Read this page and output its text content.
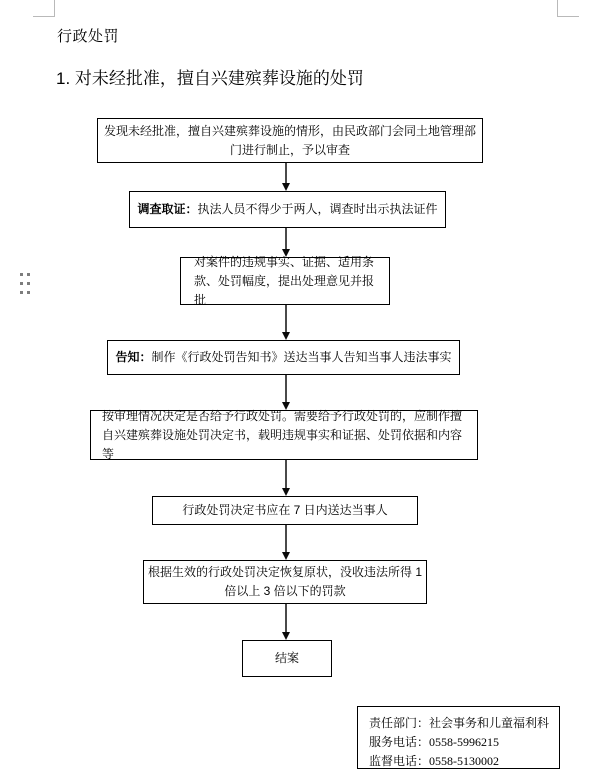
行政处罚
1. 对未经批准，擅自兴建殡葬设施的处罚
发现未经批准，擅自兴建殡葬设施的情形，由民政部门会同土地管理部门进行制止，予以审查
调查取证：执法人员不得少于两人，调查时出示执法证件
对案件的违规事实、证据、适用条款、处罚幅度，提出处理意见并报批
告知：制作《行政处罚告知书》送达当事人告知当事人违法事实
按审理情况决定是否给予行政处罚。需要给予行政处罚的，应制作擅自兴建殡葬设施处罚决定书，载明违规事实和证据、处罚依据和内容等
行政处罚决定书应在 7 日内送达当事人
根据生效的行政处罚决定恢复原状，没收违法所得 1 倍以上 3 倍以下的罚款
结案
责任部门：社会事务和儿童福利科
服务电话：0558-5996215
监督电话：0558-5130002
